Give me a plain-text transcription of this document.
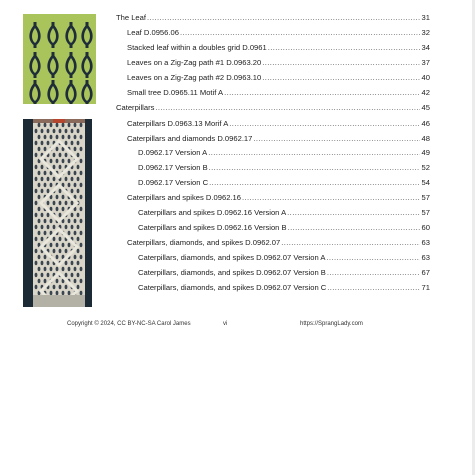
The Leaf .....	31
Leaf D.0956.06 .....	32
Stacked leaf within a doubles grid D.0961 .....	34
Leaves on a Zig-Zag path #1 D.0963.20 .....	37
Leaves on a Zig-Zag path #2 D.0963.10 .....	40
Small tree D.0965.11 Motif A .....	42
Caterpillars .....	45
Caterpillars D.0963.13 Morif A .....	46
Caterpillars and diamonds D.0962.17 .....	48
D.0962.17 Version A .....	49
D.0962.17 Version B .....	52
D.0962.17 Version C .....	54
Caterpillars and spikes D.0962.16 .....	57
Caterpillars and spikes D.0962.16 Version A .....	57
Caterpillars and spikes D.0962.16 Version B .....	60
Caterpillars, diamonds, and spikes D.0962.07 .....	63
Caterpillars, diamonds, and spikes D.0962.07 Version A .....	63
Caterpillars, diamonds, and spikes D.0962.07 Version B .....	67
Caterpillars, diamonds, and spikes D.0962.07 Version C .....	71
Copyright © 2024, CC BY-NC-SA Carol James	vi	https://SprangLady.com
